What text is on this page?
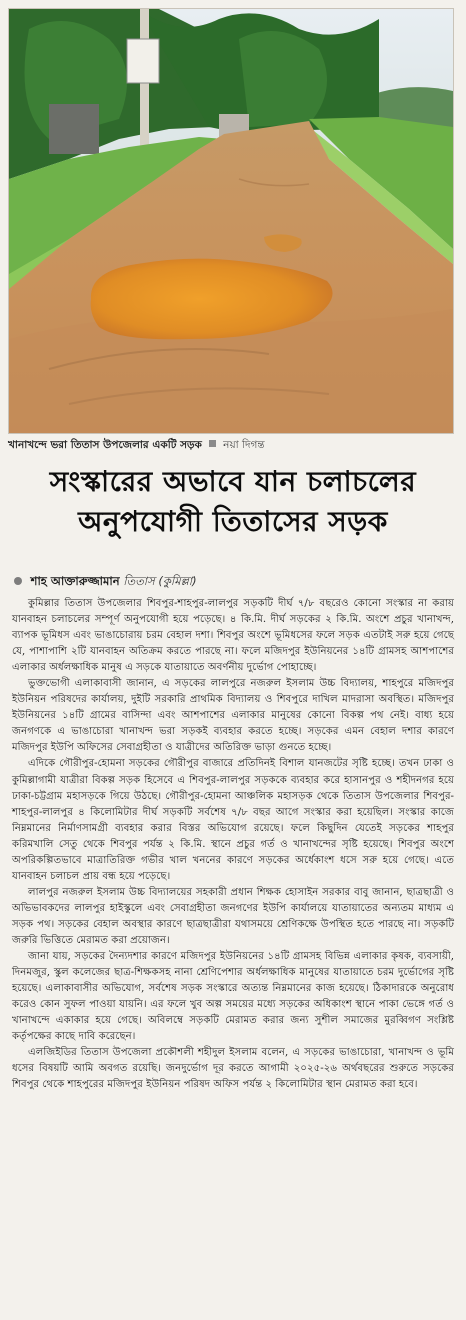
খানাখন্দে ভরা তিতাস উপজেলার একটি সড়ক নয়া দিগন্ত
সংস্কারের অভাবে যান চলাচলের
অনুপযোগী তিতাসের সড়ক
শাহ আক্তারুজ্জামান তিতাস (কুমিল্লা)

কুমিল্লার তিতাস উপজেলার শিবপুর-শাহপুর-লালপুর সড়কটি দীর্ঘ ৭/৮ বছরেও কোনো সংস্কার না করায় যানবাহন চলাচলের সম্পূর্ণ অনুপযোগী হয়ে পড়েছে। ৪ কি.মি. দীর্ঘ সড়কের ২ কি.মি. অংশে প্রচুর খানাখন্দ, ব্যাপক ভূমিধস এবং ভাঙাচোরায় চরম বেহাল দশা। শিবপুর অংশে ভূমিধসের ফলে সড়ক এতটাই সরু হয়ে গেছে যে, পাশাপাশি ২টি যানবাহন অতিক্রম করতে পারছে না। ফলে মজিদপুর ইউনিয়নের ১৪টি গ্রামসহ আশপাশের এলাকার অর্ধলক্ষাধিক মানুষ এ সড়কে যাতায়াতে অবর্ণনীয় দুর্ভোগ পোহাচ্ছে।

ভুক্তভোগী এলাকাবাসী জানান, এ সড়কের লালপুরে নজরুল ইসলাম উচ্চ বিদ্যালয়, শাহপুরে মজিদপুর ইউনিয়ন পরিষদের কার্যালয়, দুইটি সরকারি প্রাথমিক বিদ্যালয় ও শিবপুরে দাখিল মাদরাসা অবস্থিত। মজিদপুর ইউনিয়নের ১৪টি গ্রামের বাসিন্দা এবং আশপাশের এলাকার মানুষের কোনো বিকল্প পথ নেই। বাধ্য হয়ে জনগণকে এ ভাঙাচোরা খানাখন্দ ভরা সড়কই ব্যবহার করতে হচ্ছে। সড়কের এমন বেহাল দশার কারণে মজিদপুর ইউপি অফিসের সেবাগ্রহীতা ও যাত্রীদের অতিরিক্ত ভাড়া গুনতে হচ্ছে।

এদিকে গৌরীপুর-হোমনা সড়কের গৌরীপুর বাজারে প্রতিদিনই বিশাল যানজটের সৃষ্টি হচ্ছে। তখন ঢাকা ও কুমিল্লাগামী যাত্রীরা বিকল্প সড়ক হিসেবে এ শিবপুর-লালপুর সড়ককে ব্যবহার করে হাসানপুর ও শহীদনগর হয়ে ঢাকা-চট্টগ্রাম মহাসড়কে গিয়ে উঠছে। গৌরীপুর-হোমনা আঞ্চলিক মহাসড়ক থেকে তিতাস উপজেলার শিবপুর-শাহপুর-লালপুর ৪ কিলোমিটার দীর্ঘ সড়কটি সর্বশেষ ৭/৮ বছর আগে সংস্কার করা হয়েছিল। সংস্কার কাজে নিম্নমানের নির্মাণসামগ্রী ব্যবহার করার বিস্তর অভিযোগ রয়েছে। ফলে কিছুদিন যেতেই সড়কের শাহপুর করিমখালি সেতু থেকে শিবপুর পর্যন্ত ২ কি.মি. স্থানে প্রচুর গর্ত ও খানাখন্দের সৃষ্টি হয়েছে। শিবপুর অংশে অপরিকল্পিতভাবে মাত্রাতিরিক্ত গভীর খাল খননের কারণে সড়কের অর্ধেকাংশ ধসে সরু হয়ে গেছে। এতে যানবাহন চলাচল প্রায় বন্ধ হয়ে পড়েছে।

লালপুর নজরুল ইসলাম উচ্চ বিদ্যালয়ের সহকারী প্রধান শিক্ষক হোসাইন সরকার বাবু জানান, ছাত্রছাত্রী ও অভিভাবকদের লালপুর হাইস্কুলে এবং সেবাগ্রহীতা জনগণের ইউপি কার্যালয়ে যাতায়াতের অন্যতম মাধ্যম এ সড়ক পথ। সড়কের বেহাল অবস্থার কারণে ছাত্রছাত্রীরা যথাসময়ে শ্রেণিকক্ষে উপস্থিত হতে পারছে না। সড়কটি জরুরি ভিত্তিতে মেরামত করা প্রয়োজন।

জানা যায়, সড়কের দৈন্যদশার কারণে মজিদপুর ইউনিয়নের ১৪টি গ্রামসহ বিভিন্ন এলাকার কৃষক, ব্যবসায়ী, দিনমজুর, স্কুল কলেজের ছাত্র-শিক্ষকসহ নানা শ্রেণিপেশার অর্ধলক্ষাধিক মানুষের যাতায়াতে চরম দুর্ভোগের সৃষ্টি হয়েছে। এলাকাবাসীর অভিযোগ, সর্বশেষ সড়ক সংস্কারে অত্যন্ত নিম্নমানের কাজ হয়েছে। ঠিকাদারকে অনুরোধ করেও কোন সুফল পাওয়া যায়নি। এর ফলে খুব অল্প সময়ের মধ্যে সড়কের অধিকাংশ স্থানে পাকা ভেঙ্গে গর্ত ও খানাখন্দে একাকার হয়ে গেছে। অবিলম্বে সড়কটি মেরামত করার জন্য সুশীল সমাজের মুরব্বিগণ সংশ্লিষ্ট কর্তৃপক্ষের কাছে দাবি করেছেন।

এলজিইডির তিতাস উপজেলা প্রকৌশলী শহীদুল ইসলাম বলেন, এ সড়কের ভাঙাচোরা, খানাখন্দ ও ভূমি ধসের বিষয়টি আমি অবগত রয়েছি। জনদুর্ভোগ দূর করতে আগামী ২০২৫-২৬ অর্থবছরের শুরুতে সড়কের শিবপুর থেকে শাহপুরের মজিদপুর ইউনিয়ন পরিষদ অফিস পর্যন্ত ২ কিলোমিটার স্থান মেরামত করা হবে।
